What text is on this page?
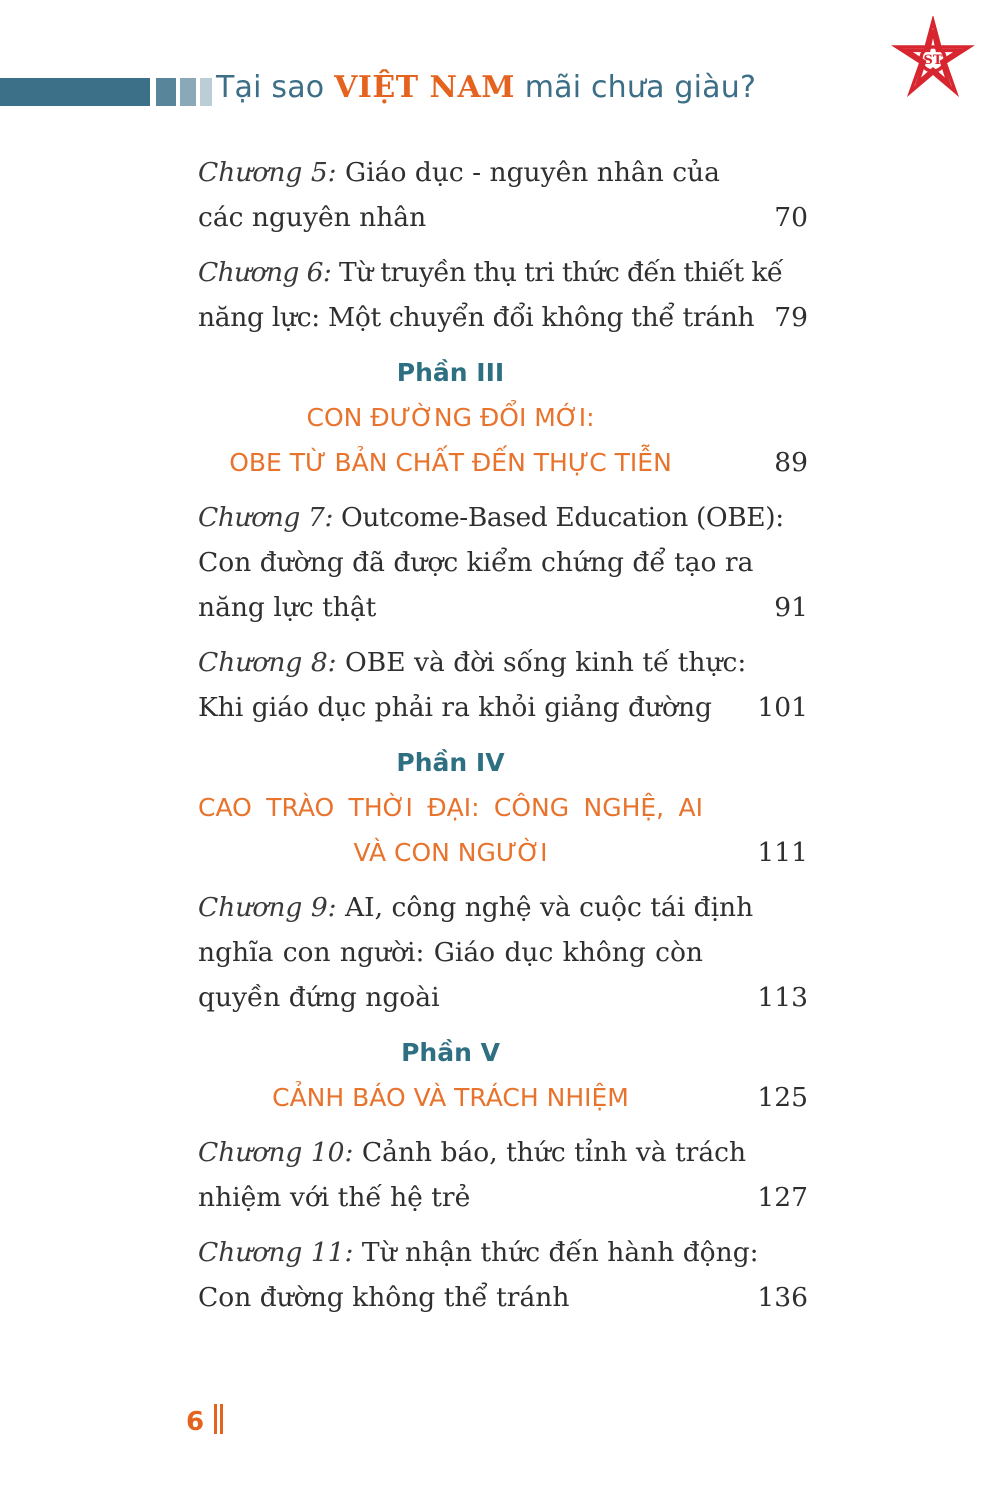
Tại sao VIỆT NAM mãi chưa giàu?
ST
Chương 5: Giáo dục - nguyên nhân của
các nguyên nhân	70
Chương 6: Từ truyền thụ tri thức đến thiết kế
năng lực: Một chuyển đổi không thể tránh 79
Phần III
CON ĐƯỜNG ĐỔI MỚI:
OBE TỪ BẢN CHẤT ĐẾN THỰC TIỄN	89
Chương 7: Outcome-Based Education (OBE):
Con đường đã được kiểm chứng để tạo ra
năng lực thật	91
Chương 8: OBE và đời sống kinh tế thực:
Khi giáo dục phải ra khỏi giảng đường 101
Phần IV
CAO TRÀO THỜI ĐẠI: CÔNG NGHỆ, AI
VÀ CON NGƯỜI	111
Chương 9: AI, công nghệ và cuộc tái định
nghĩa con người: Giáo dục không còn
quyền đứng ngoài	113
Phần V
CẢNH BÁO VÀ TRÁCH NHIỆM	125
Chương 10: Cảnh báo, thức tỉnh và trách
nhiệm với thế hệ trẻ	127
Chương 11: Từ nhận thức đến hành động:
Con đường không thể tránh	136
6
